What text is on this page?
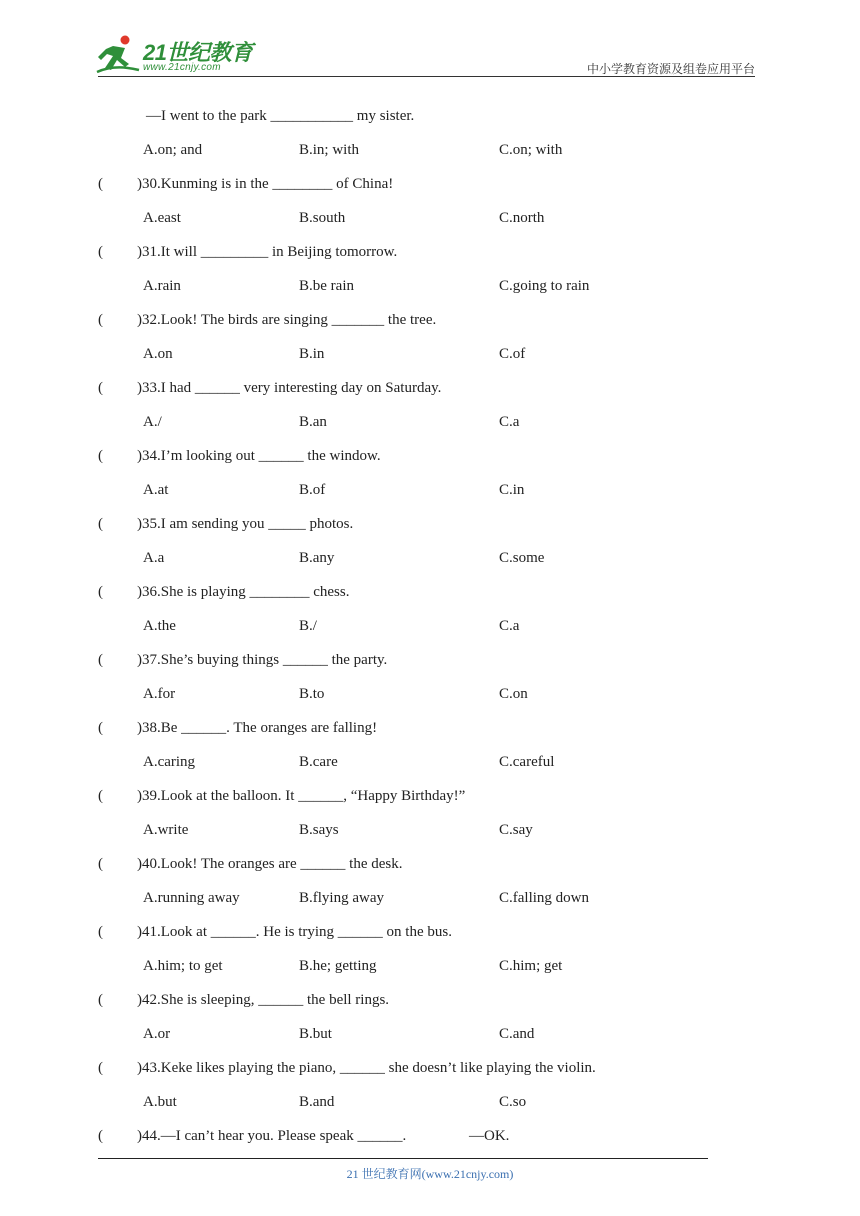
21世纪教育
www.21cnjy.com	中小学教育资源及组卷应用平台
—I went to the park ___________ my sister.
A.on; and	B.in; with	C.on; with
( )30.Kunming is in the ________ of China!
A.east	B.south	C.north
( )31.It will _________ in Beijing tomorrow.
A.rain	B.be rain	C.going to rain
( )32.Look! The birds are singing _______ the tree.
A.on	B.in	C.of
( )33.I had ______ very interesting day on Saturday.
A./	B.an	C.a
( )34.I’m looking out ______ the window.
A.at	B.of	C.in
( )35.I am sending you _____ photos.
A.a	B.any	C.some
( )36.She is playing ________ chess.
A.the	B./	C.a
( )37.She’s buying things ______ the party.
A.for	B.to	C.on
( )38.Be ______. The oranges are falling!
A.caring	B.care	C.careful
( )39.Look at the balloon. It ______, “Happy Birthday!”
A.write	B.says	C.say
( )40.Look! The oranges are ______ the desk.
A.running away	B.flying away	C.falling down
( )41.Look at ______. He is trying ______ on the bus.
A.him; to get	B.he; getting	C.him; get
( )42.She is sleeping, ______ the bell rings.
A.or	B.but	C.and
( )43.Keke likes playing the piano, ______ she doesn’t like playing the violin.
A.but	B.and	C.so
( )44.—I can’t hear you. Please speak ______.	—OK.
21 世纪教育网(www.21cnjy.com)
